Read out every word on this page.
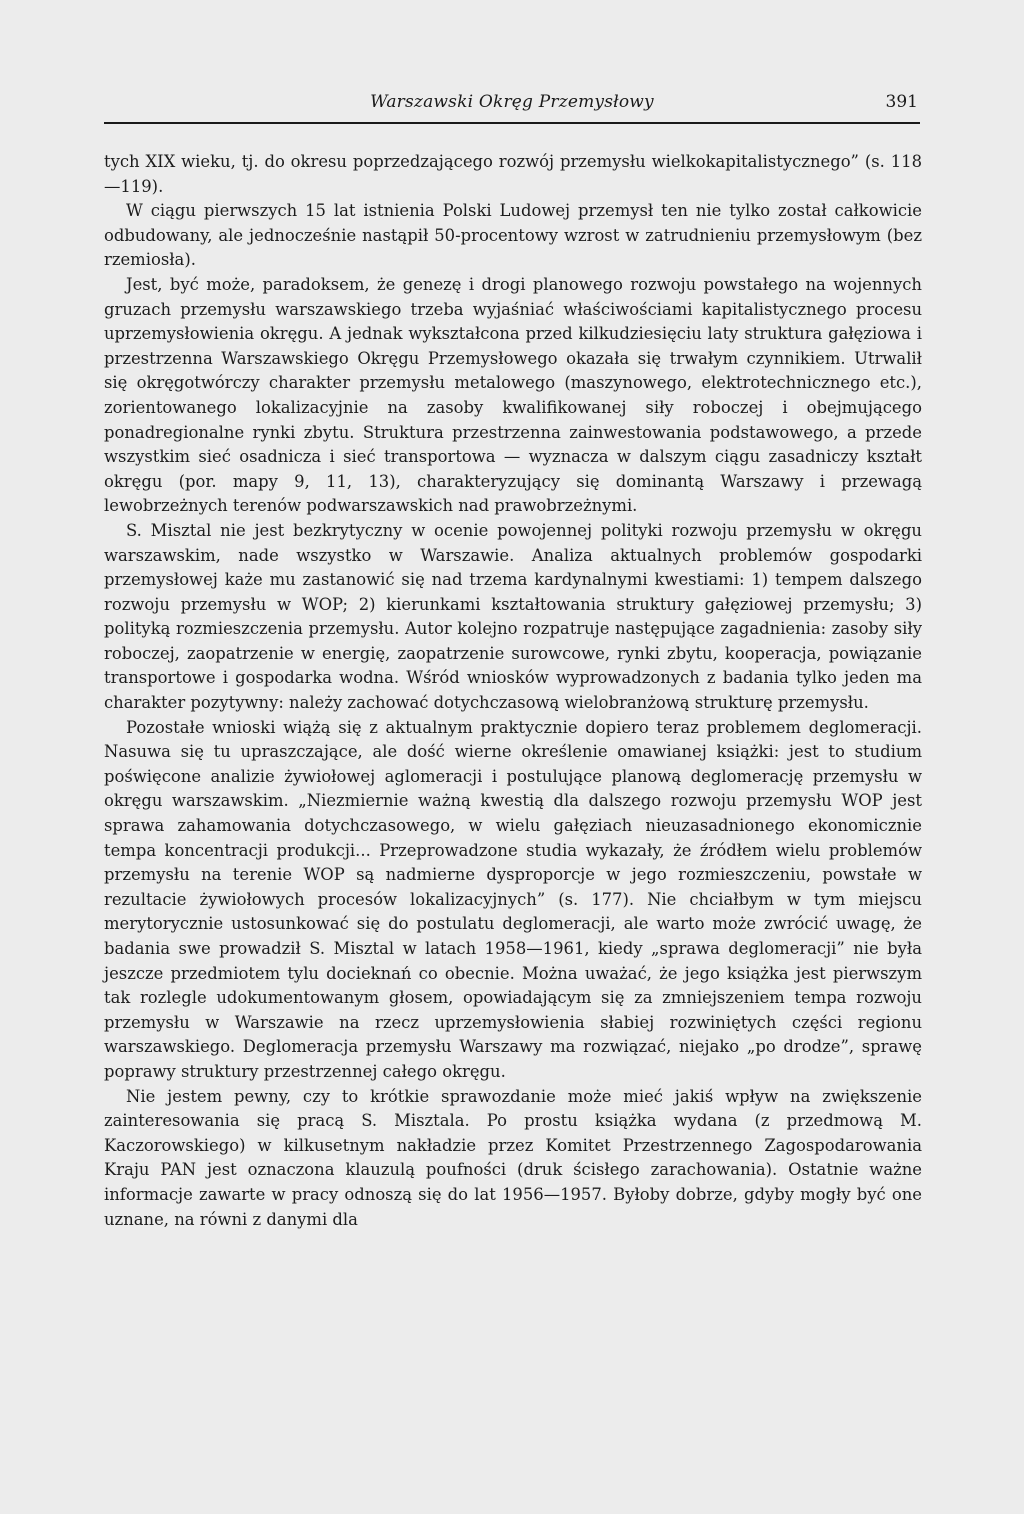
Warszawski Okręg Przemysłowy	391

tych XIX wieku, tj. do okresu poprzedzającego rozwój przemysłu wielkokapitalistycznego” (s. 118—119).

W ciągu pierwszych 15 lat istnienia Polski Ludowej przemysł ten nie tylko został całkowicie odbudowany, ale jednocześnie nastąpił 50-procentowy wzrost w zatrudnieniu przemysłowym (bez rzemiosła).

Jest, być może, paradoksem, że genezę i drogi planowego rozwoju powstałego na wojennych gruzach przemysłu warszawskiego trzeba wyjaśniać właściwościami kapitalistycznego procesu uprzemysłowienia okręgu. A jednak wykształcona przed kilkudziesięciu laty struktura gałęziowa i przestrzenna Warszawskiego Okręgu Przemysłowego okazała się trwałym czynnikiem. Utrwalił się okręgotwórczy charakter przemysłu metalowego (maszynowego, elektrotechnicznego etc.), zorientowanego lokalizacyjnie na zasoby kwalifikowanej siły roboczej i obejmującego ponadregionalne rynki zbytu. Struktura przestrzenna zainwestowania podstawowego, a przede wszystkim sieć osadnicza i sieć transportowa — wyznacza w dalszym ciągu zasadniczy kształt okręgu (por. mapy 9, 11, 13), charakteryzujący się dominantą Warszawy i przewagą lewobrzeżnych terenów podwarszawskich nad prawobrzeżnymi.

S. Misztal nie jest bezkrytyczny w ocenie powojennej polityki rozwoju przemysłu w okręgu warszawskim, nade wszystko w Warszawie. Analiza aktualnych problemów gospodarki przemysłowej każe mu zastanowić się nad trzema kardynalnymi kwestiami: 1) tempem dalszego rozwoju przemysłu w WOP; 2) kierunkami kształtowania struktury gałęziowej przemysłu; 3) polityką rozmieszczenia przemysłu. Autor kolejno rozpatruje następujące zagadnienia: zasoby siły roboczej, zaopatrzenie w energię, zaopatrzenie surowcowe, rynki zbytu, kooperacja, powiązanie transportowe i gospodarka wodna. Wśród wniosków wyprowadzonych z badania tylko jeden ma charakter pozytywny: należy zachować dotychczasową wielobranżową strukturę przemysłu.

Pozostałe wnioski wiążą się z aktualnym praktycznie dopiero teraz problemem deglomeracji. Nasuwa się tu upraszczające, ale dość wierne określenie omawianej książki: jest to studium poświęcone analizie żywiołowej aglomeracji i postulujące planową deglomerację przemysłu w okręgu warszawskim. „Niezmiernie ważną kwestią dla dalszego rozwoju przemysłu WOP jest sprawa zahamowania dotychczasowego, w wielu gałęziach nieuzasadnionego ekonomicznie tempa koncentracji produkcji... Przeprowadzone studia wykazały, że źródłem wielu problemów przemysłu na terenie WOP są nadmierne dysproporcje w jego rozmieszczeniu, powstałe w rezultacie żywiołowych procesów lokalizacyjnych” (s. 177). Nie chciałbym w tym miejscu merytorycznie ustosunkować się do postulatu deglomeracji, ale warto może zwrócić uwagę, że badania swe prowadził S. Misztal w latach 1958—1961, kiedy „sprawa deglomeracji” nie była jeszcze przedmiotem tylu docieknań co obecnie. Można uważać, że jego książka jest pierwszym tak rozlegle udokumentowanym głosem, opowiadającym się za zmniejszeniem tempa rozwoju przemysłu w Warszawie na rzecz uprzemysłowienia słabiej rozwiniętych części regionu warszawskiego. Deglomeracja przemysłu Warszawy ma rozwiązać, niejako „po drodze”, sprawę poprawy struktury przestrzennej całego okręgu.

Nie jestem pewny, czy to krótkie sprawozdanie może mieć jakiś wpływ na zwiększenie zainteresowania się pracą S. Misztala. Po prostu książka wydana (z przedmową M. Kaczorowskiego) w kilkusetnym nakładzie przez Komitet Przestrzennego Zagospodarowania Kraju PAN jest oznaczona klauzulą poufności (druk ścisłego zarachowania). Ostatnie ważne informacje zawarte w pracy odnoszą się do lat 1956—1957. Byłoby dobrze, gdyby mogły być one uznane, na równi z danymi dla
